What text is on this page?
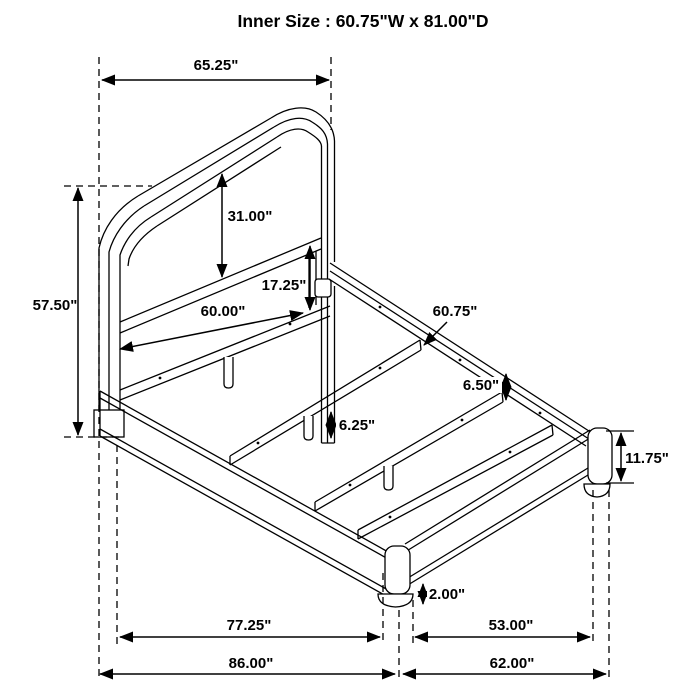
Inner Size : 60.75"W x 81.00"D
65.25"
57.50"
31.00"
17.25"
60.00"	60.75"
6.50"
6.25"
11.75"
2.00"
77.25"	53.00"
86.00"	62.00"
